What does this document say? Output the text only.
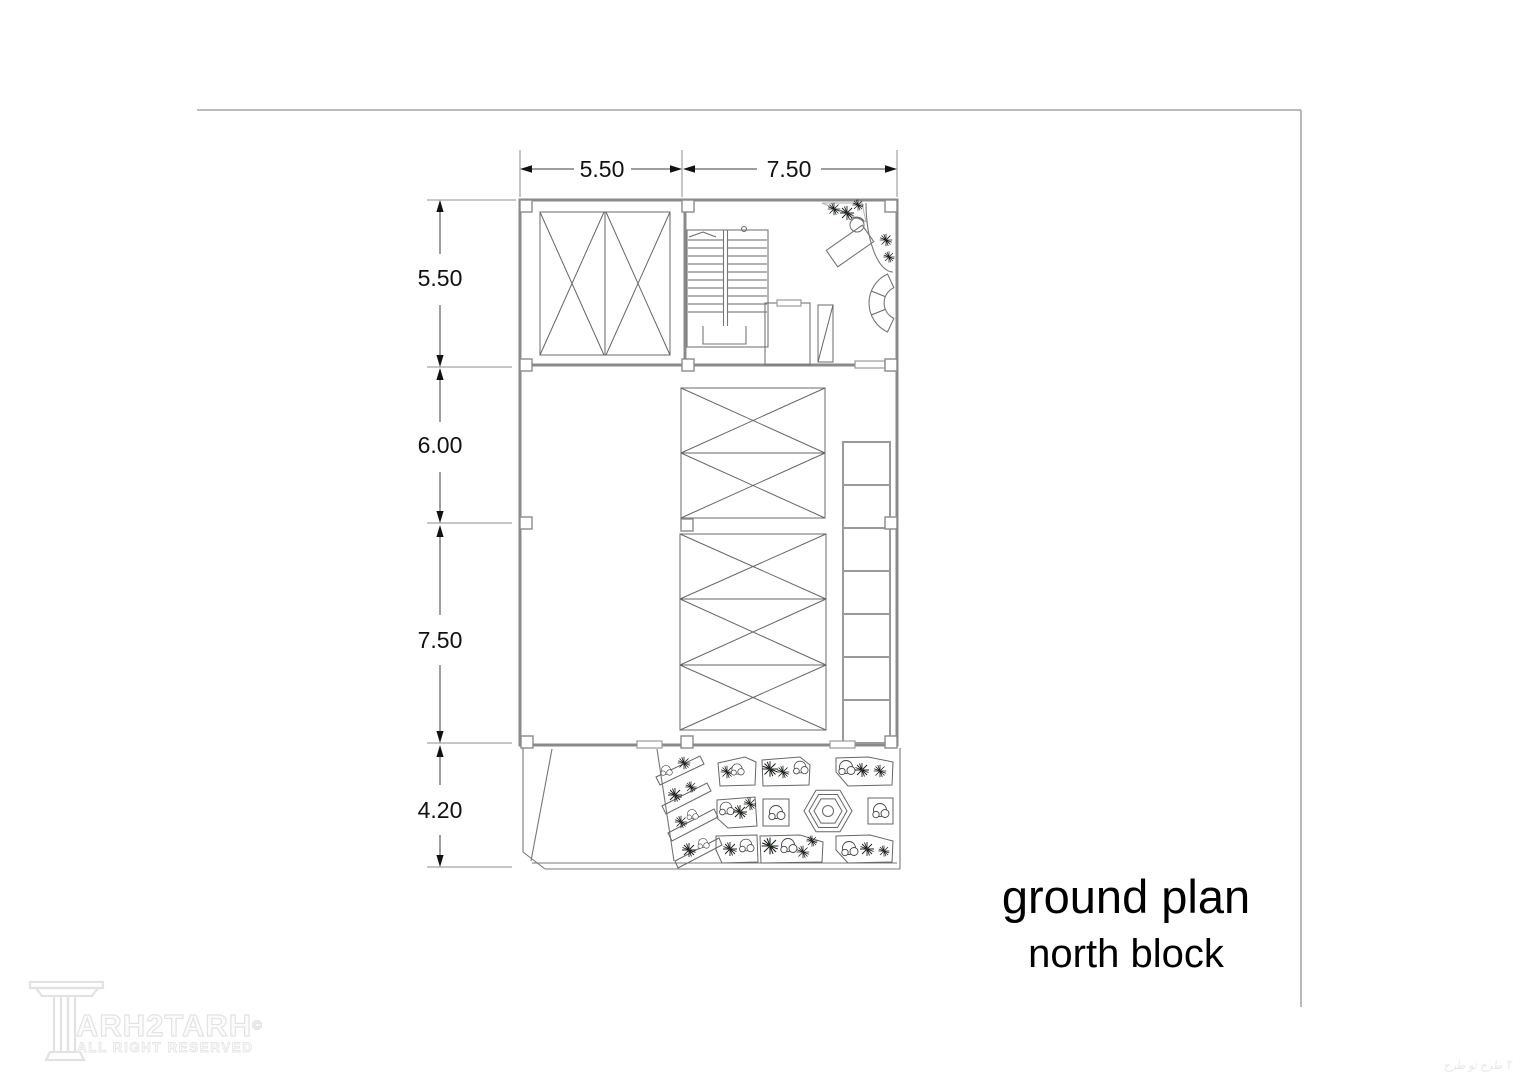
5.50	7.50
5.50
6.00
7.50
4.20
ground plan
north block
ARH2TARH©
ALL RIGHT RESERVED
طرح تو طرح T
